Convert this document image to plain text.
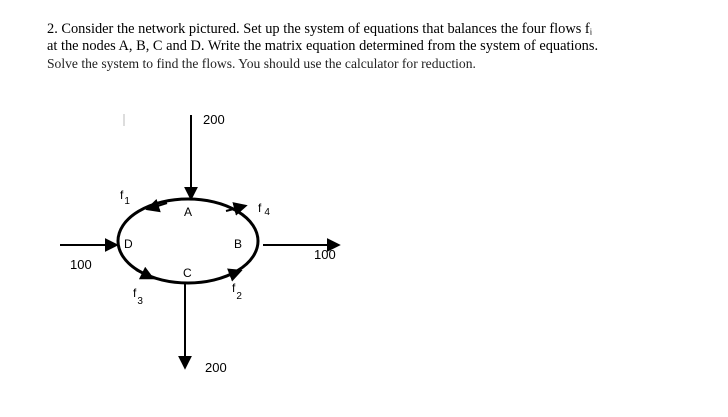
2. Consider the network pictured. Set up the system of equations that balances the four flows fᵢ

at the nodes A, B, C and D. Write the matrix equation determined from the system of equations.

Solve the system to find the flows. You should use the calculator for reduction.

200
100
100
200
A
B
C
D
$f_1$	f $_4$
$f_2$
$f_3$
